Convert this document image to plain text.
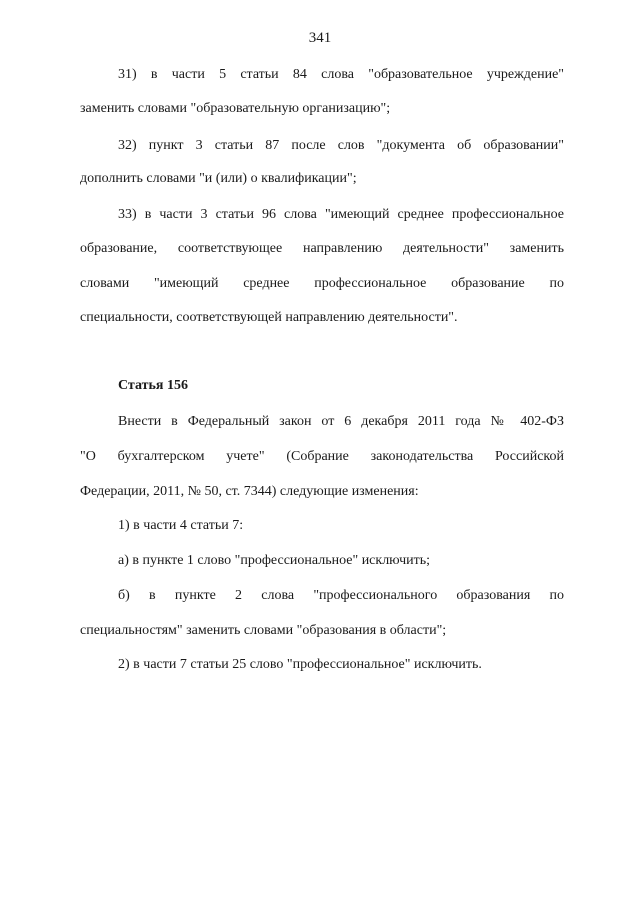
341
31) в части 5 статьи 84 слова "образовательное учреждение"
заменить словами "образовательную организацию";
32) пункт 3 статьи 87 после слов "документа об образовании"
дополнить словами "и (или) о квалификации";
33) в части 3 статьи 96 слова "имеющий среднее профессиональное
образование, соответствующее направлению деятельности" заменить
словами "имеющий среднее профессиональное образование по
специальности, соответствующей направлению деятельности".
Статья 156
Внести в Федеральный закон от 6 декабря 2011 года № 402-ФЗ
"О бухгалтерском учете" (Собрание законодательства Российской
Федерации, 2011, № 50, ст. 7344) следующие изменения:
1) в части 4 статьи 7:
а) в пункте 1 слово "профессиональное" исключить;
б) в пункте 2 слова "профессионального образования по
специальностям" заменить словами "образования в области";
2) в части 7 статьи 25 слово "профессиональное" исключить.
